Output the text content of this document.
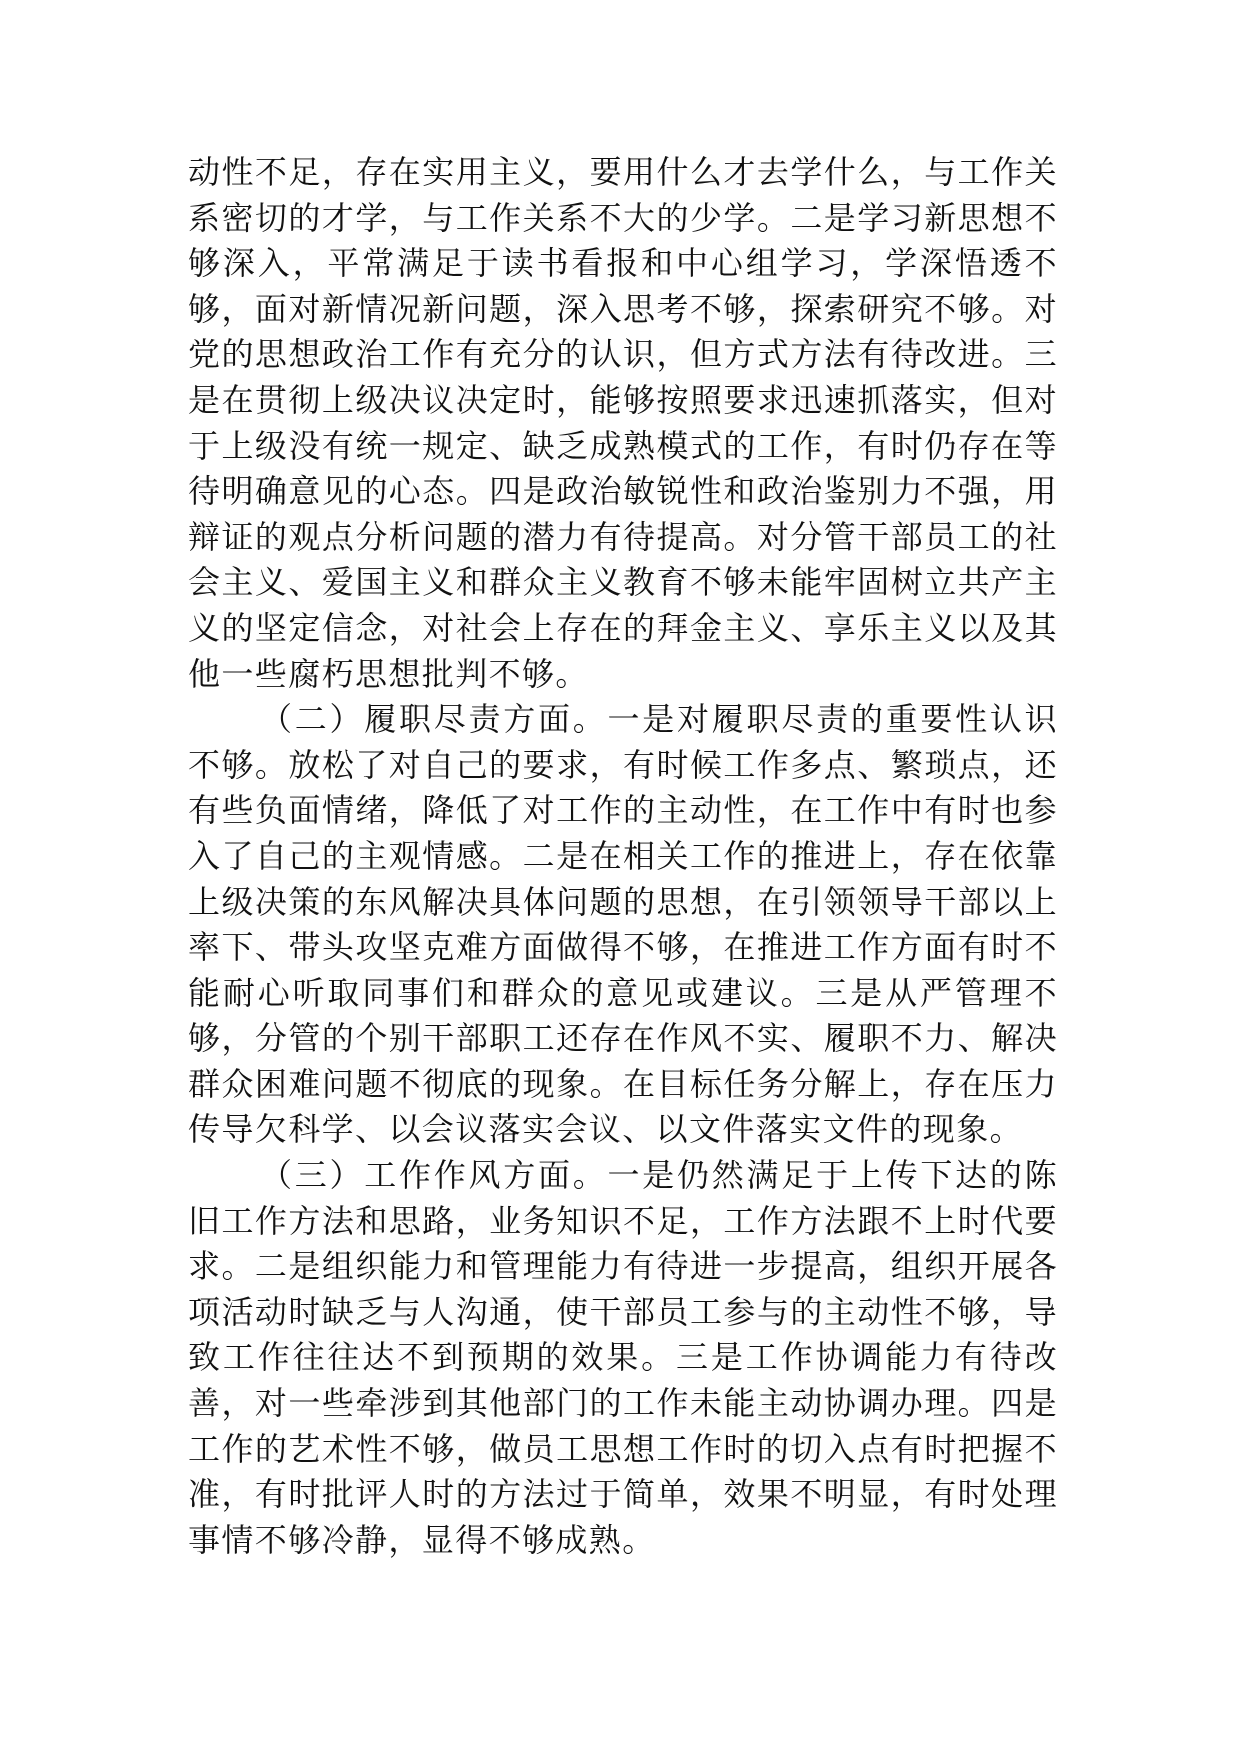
动性不足，存在实用主义，要用什么才去学什么，与工作关系密切的才学，与工作关系不大的少学。二是学习新思想不够深入，平常满足于读书看报和中心组学习，学深悟透不够，面对新情况新问题，深入思考不够，探索研究不够。对党的思想政治工作有充分的认识，但方式方法有待改进。三是在贯彻上级决议决定时，能够按照要求迅速抓落实，但对于上级没有统一规定、缺乏成熟模式的工作，有时仍存在等待明确意见的心态。四是政治敏锐性和政治鉴别力不强，用辩证的观点分析问题的潜力有待提高。对分管干部员工的社会主义、爱国主义和群众主义教育不够未能牢固树立共产主义的坚定信念，对社会上存在的拜金主义、享乐主义以及其他一些腐朽思想批判不够。

（二）履职尽责方面。一是对履职尽责的重要性认识不够。放松了对自己的要求，有时候工作多点、繁琐点，还有些负面情绪，降低了对工作的主动性，在工作中有时也参入了自己的主观情感。二是在相关工作的推进上，存在依靠上级决策的东风解决具体问题的思想，在引领领导干部以上率下、带头攻坚克难方面做得不够，在推进工作方面有时不能耐心听取同事们和群众的意见或建议。三是从严管理不够，分管的个别干部职工还存在作风不实、履职不力、解决群众困难问题不彻底的现象。在目标任务分解上，存在压力传导欠科学、以会议落实会议、以文件落实文件的现象。

（三）工作作风方面。一是仍然满足于上传下达的陈旧工作方法和思路，业务知识不足，工作方法跟不上时代要求。二是组织能力和管理能力有待进一步提高，组织开展各项活动时缺乏与人沟通，使干部员工参与的主动性不够，导致工作往往达不到预期的效果。三是工作协调能力有待改善，对一些牵涉到其他部门的工作未能主动协调办理。四是工作的艺术性不够，做员工思想工作时的切入点有时把握不准，有时批评人时的方法过于简单，效果不明显，有时处理事情不够冷静，显得不够成熟。
